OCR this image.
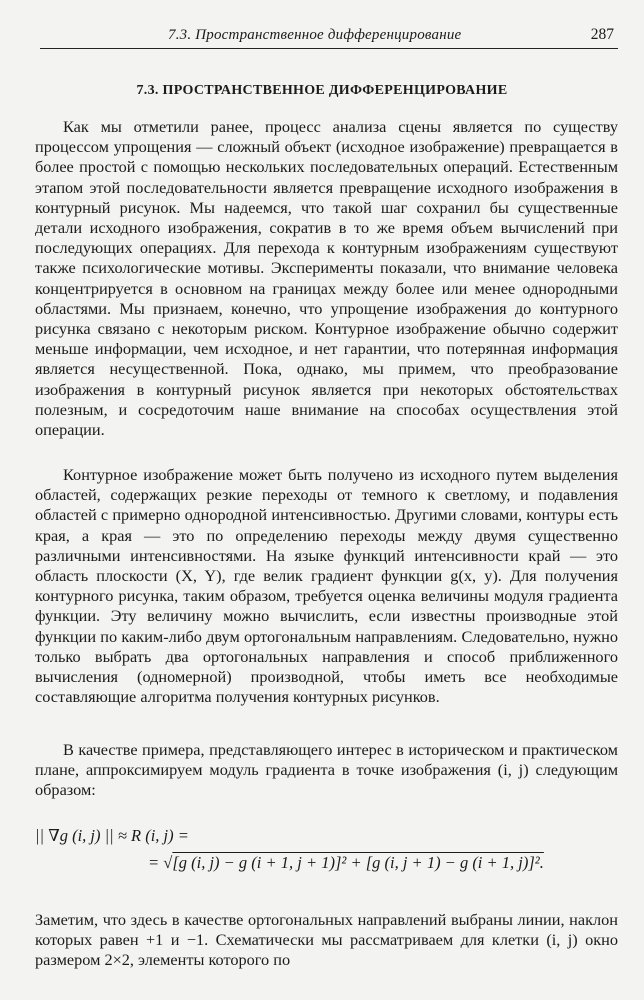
7.3. Пространственное дифференцирование	287
7.3. ПРОСТРАНСТВЕННОЕ ДИФФЕРЕНЦИРОВАНИЕ

Как мы отметили ранее, процесс анализа сцены является по существу процессом упрощения — сложный объект (исходное изображение) превращается в более простой с помощью нескольких последовательных операций. Естественным этапом этой последовательности является превращение исходного изображения в контурный рисунок. Мы надеемся, что такой шаг сохранил бы существенные детали исходного изображения, сократив в то же время объем вычислений при последующих операциях. Для перехода к контурным изображениям существуют также психологические мотивы. Эксперименты показали, что внимание человека концентрируется в основном на границах между более или менее однородными областями. Мы признаем, конечно, что упрощение изображения до контурного рисунка связано с некоторым риском. Контурное изображение обычно содержит меньше информации, чем исходное, и нет гарантии, что потерянная информация является несущественной. Пока, однако, мы примем, что преобразование изображения в контурный рисунок является при некоторых обстоятельствах полезным, и сосредоточим наше внимание на способах осуществления этой операции.

Контурное изображение может быть получено из исходного путем выделения областей, содержащих резкие переходы от темного к светлому, и подавления областей с примерно однородной интенсивностью. Другими словами, контуры есть края, а края — это по определению переходы между двумя существенно различными интенсивностями. На языке функций интенсивности край — это область плоскости (X, Y), где велик градиент функции g(x, y). Для получения контурного рисунка, таким образом, требуется оценка величины модуля градиента функции. Эту величину можно вычислить, если известны производные этой функции по каким-либо двум ортогональным направлениям. Следовательно, нужно только выбрать два ортогональных направления и способ приближенного вычисления (одномерной) производной, чтобы иметь все необходимые составляющие алгоритма получения контурных рисунков.

В качестве примера, представляющего интерес в историческом и практическом плане, аппроксимируем модуль градиента в точке изображения (i, j) следующим образом:

|| ∇g (i, j) || ≈ R (i, j) =
= √[g (i, j) − g (i + 1, j + 1)]² + [g (i, j + 1) − g (i + 1, j)]².

Заметим, что здесь в качестве ортогональных направлений выбраны линии, наклон которых равен +1 и −1. Схематически мы рассматриваем для клетки (i, j) окно размером 2×2, элементы которого по
